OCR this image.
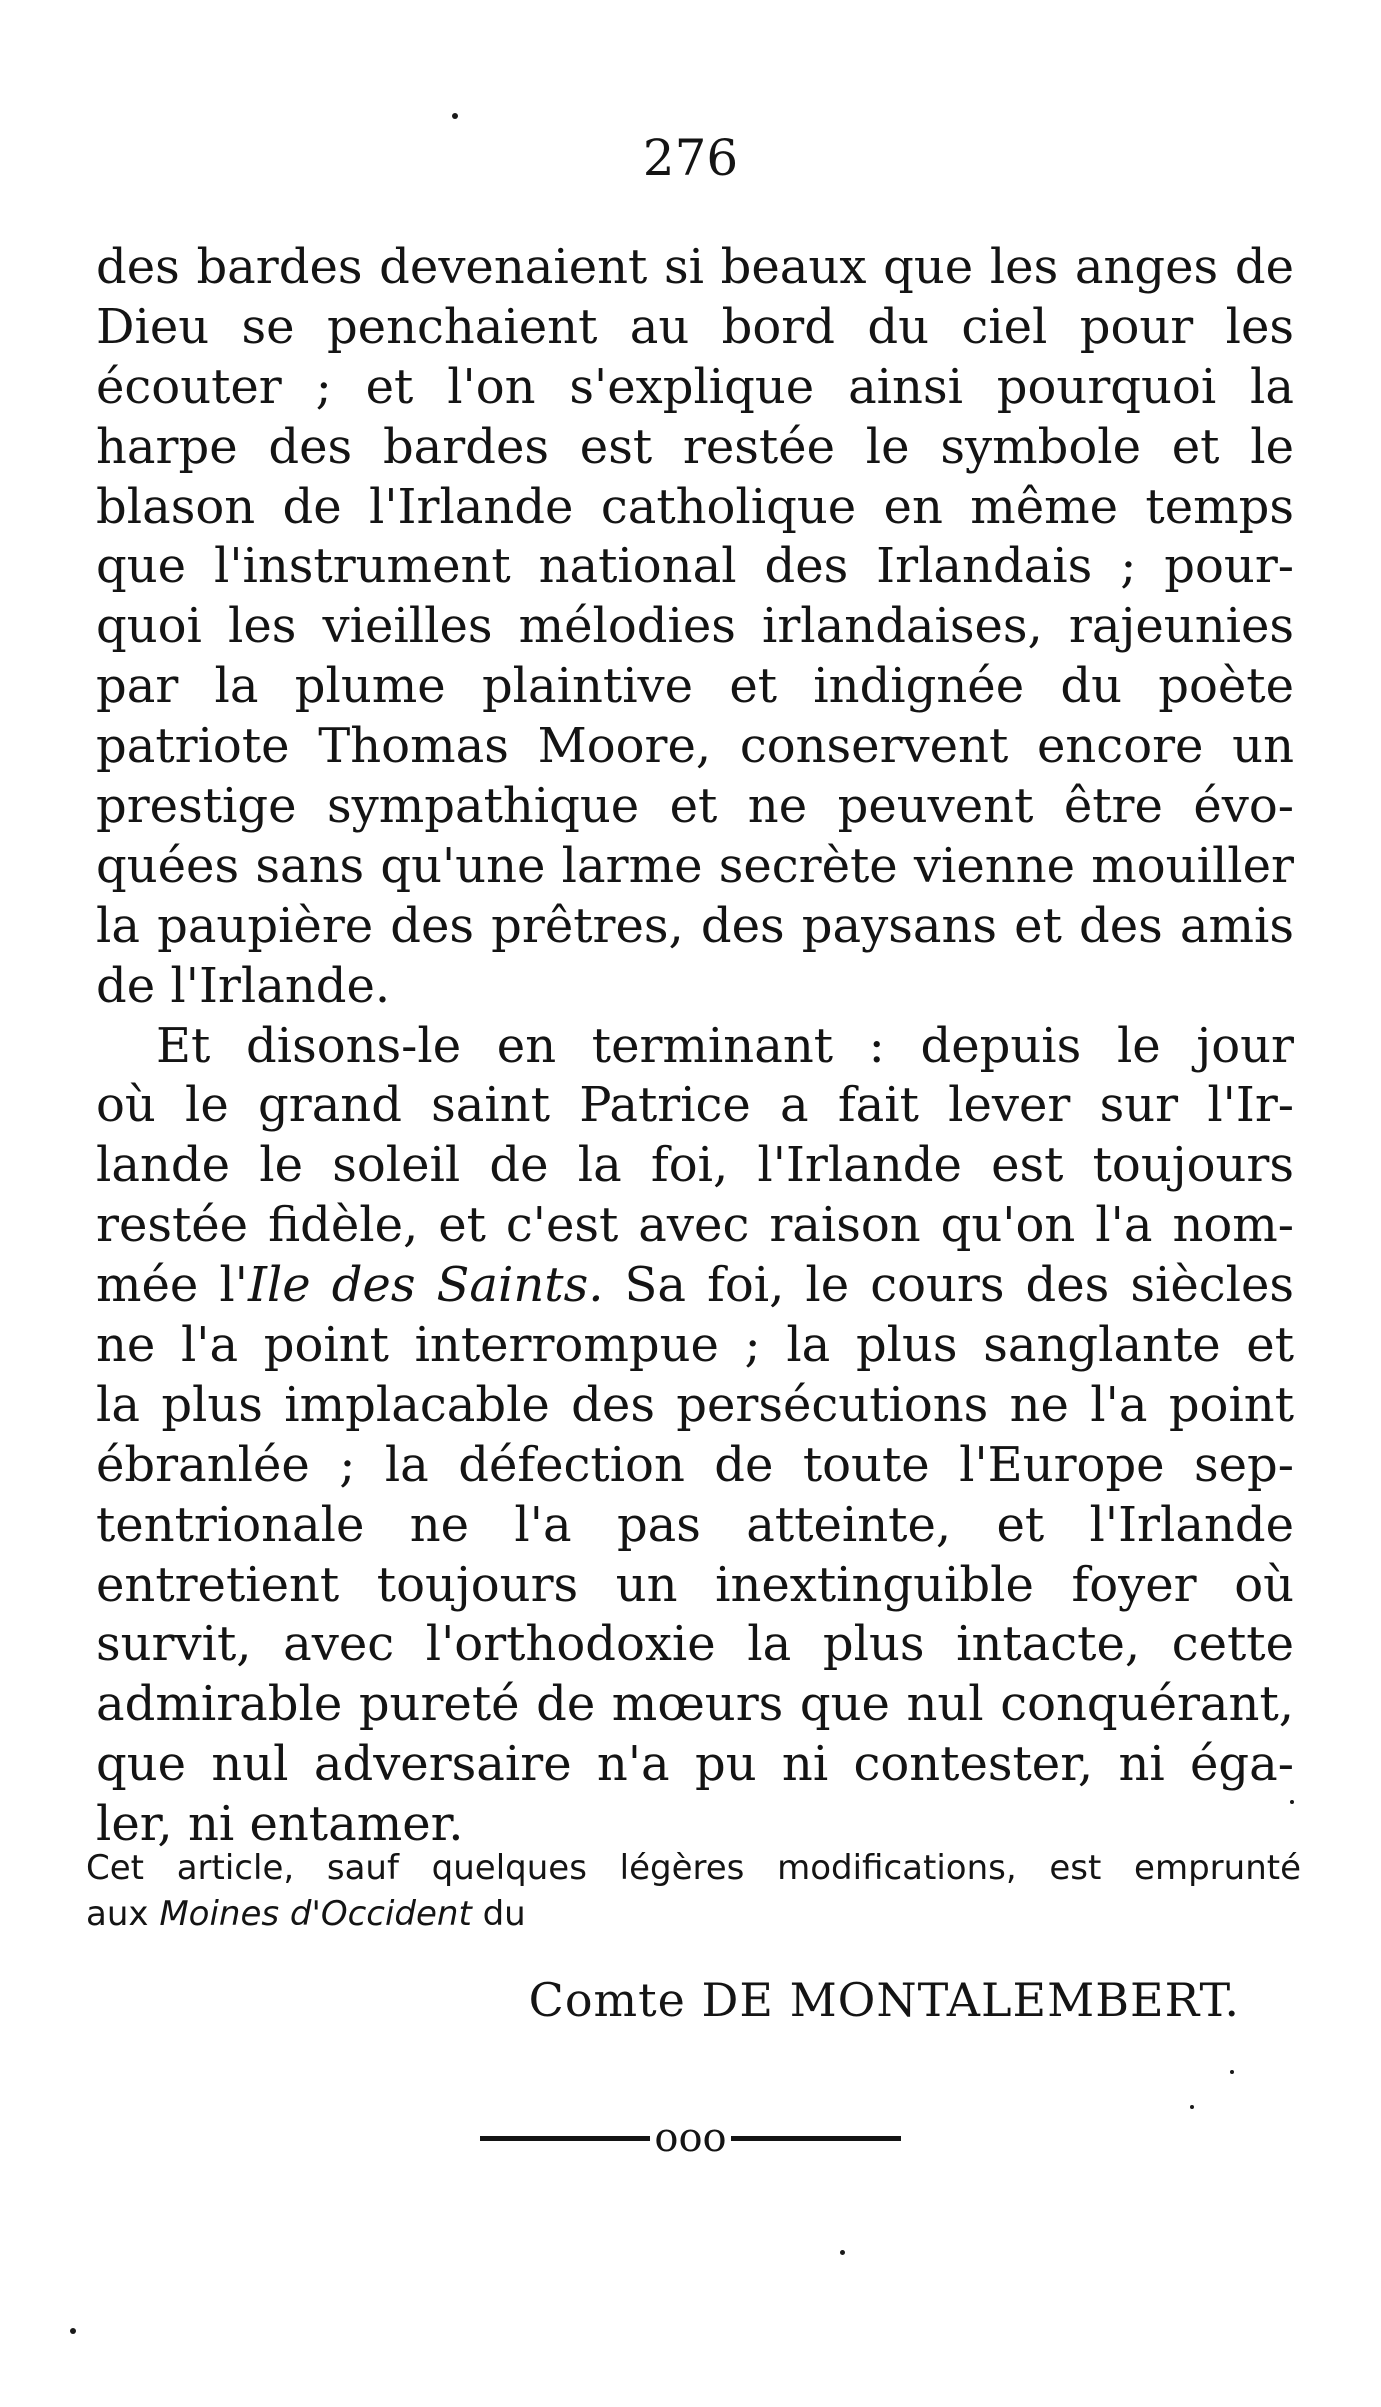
276
des bardes devenaient si beaux que les anges de
Dieu se penchaient au bord du ciel pour les
écouter ; et l'on s'explique ainsi pourquoi la
harpe des bardes est restée le symbole et le
blason de l'Irlande catholique en même temps
que l'instrument national des Irlandais ; pour-
quoi les vieilles mélodies irlandaises, rajeunies
par la plume plaintive et indignée du poète
patriote Thomas Moore, conservent encore un
prestige sympathique et ne peuvent être évo-
quées sans qu'une larme secrète vienne mouiller
la paupière des prêtres, des paysans et des amis
de l'Irlande.
Et disons-le en terminant : depuis le jour
où le grand saint Patrice a fait lever sur l'Ir-
lande le soleil de la foi, l'Irlande est toujours
restée fidèle, et c'est avec raison qu'on l'a nom-
mée l'Ile des Saints. Sa foi, le cours des siècles
ne l'a point interrompue ; la plus sanglante et
la plus implacable des persécutions ne l'a point
ébranlée ; la défection de toute l'Europe sep-
tentrionale ne l'a pas atteinte, et l'Irlande
entretient toujours un inextinguible foyer où
survit, avec l'orthodoxie la plus intacte, cette
admirable pureté de mœurs que nul conquérant,
que nul adversaire n'a pu ni contester, ni éga-
ler, ni entamer.
Cet article, sauf quelques légères modifications, est emprunté
aux Moines d'Occident du
Comte DE MONTALEMBERT.
ooo
